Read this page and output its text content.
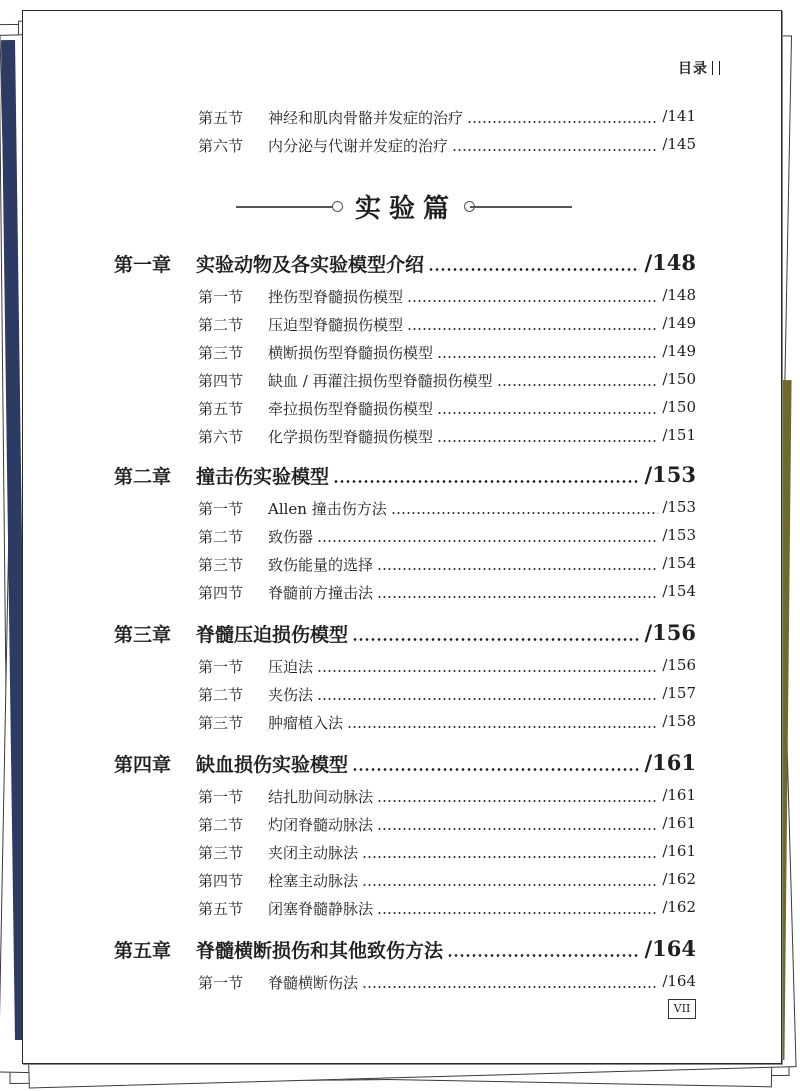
目录
实验篇
第五节 神经和肌肉骨骼并发症的治疗	/141
第六节 内分泌与代谢并发症的治疗	/145
第一章 实验动物及各实验模型介绍	/148
第一节 挫伤型脊髓损伤模型	/148
第二节 压迫型脊髓损伤模型	/149
第三节 横断损伤型脊髓损伤模型	/149
第四节 缺血 / 再灌注损伤型脊髓损伤模型	/150
第五节 牵拉损伤型脊髓损伤模型	/150
第六节 化学损伤型脊髓损伤模型	/151
第二章 撞击伤实验模型	/153
第一节 Allen 撞击伤方法	/153
第二节 致伤器	/153
第三节 致伤能量的选择	/154
第四节 脊髓前方撞击法	/154
第三章 脊髓压迫损伤模型	/156
第一节 压迫法	/156
第二节 夹伤法	/157
第三节 肿瘤植入法	/158
第四章 缺血损伤实验模型	/161
第一节 结扎肋间动脉法	/161
第二节 灼闭脊髓动脉法	/161
第三节 夹闭主动脉法	/161
第四节 栓塞主动脉法	/162
第五节 闭塞脊髓静脉法	/162
第五章 脊髓横断损伤和其他致伤方法	/164
第一节 脊髓横断伤法	/164
VII
